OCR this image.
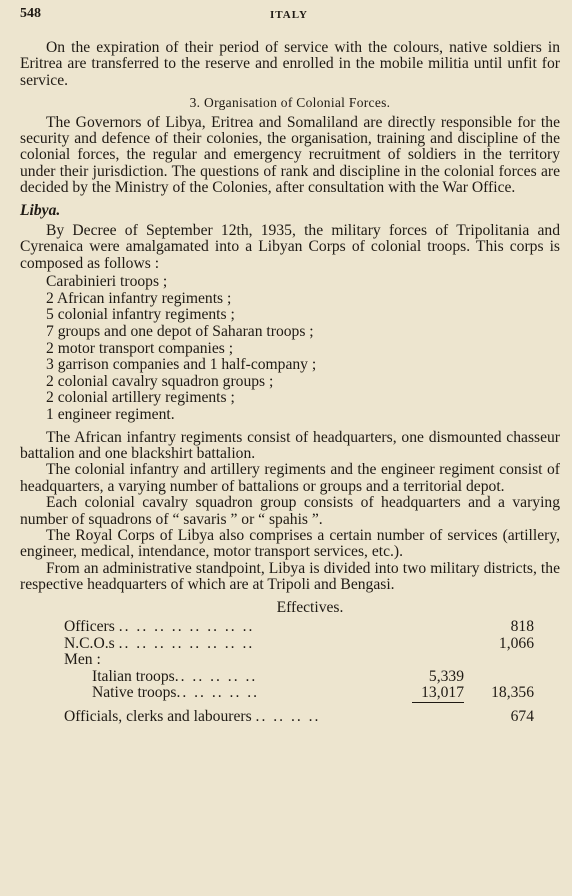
548	ITALY

On the expiration of their period of service with the colours, native soldiers in Eritrea are transferred to the reserve and enrolled in the mobile militia until unfit for service.

3. Organisation of Colonial Forces.

The Governors of Libya, Eritrea and Somaliland are directly responsible for the security and defence of their colonies, the organisation, training and discipline of the colonial forces, the regular and emergency recruitment of soldiers in the territory under their jurisdiction. The questions of rank and discipline in the colonial forces are decided by the Ministry of the Colonies, after consultation with the War Office.

Libya.

By Decree of September 12th, 1935, the military forces of Tripolitania and Cyrenaica were amalgamated into a Libyan Corps of colonial troops. This corps is composed as follows :

Carabinieri troops ;
2 African infantry regiments ;
5 colonial infantry regiments ;
7 groups and one depot of Saharan troops ;
2 motor transport companies ;
3 garrison companies and 1 half-company ;
2 colonial cavalry squadron groups ;
2 colonial artillery regiments ;
1 engineer regiment.

The African infantry regiments consist of headquarters, one dismounted chasseur battalion and one blackshirt battalion.

The colonial infantry and artillery regiments and the engineer regiment consist of headquarters, a varying number of battalions or groups and a territorial depot.

Each colonial cavalry squadron group consists of headquarters and a varying number of squadrons of “ savaris ” or “ spahis ”.

The Royal Corps of Libya also comprises a certain number of services (artillery, engineer, medical, intendance, motor transport services, etc.).

From an administrative standpoint, Libya is divided into two military districts, the respective headquarters of which are at Tripoli and Bengasi.

Effectives.
Officers .. .. .. .. .. .. .. ..		818
N.C.O.s .. .. .. .. .. .. .. ..		1,066
Men :		
Italian troops.. .. .. .. ..	5,339	
Native troops.. .. .. .. ..	13,017	18,356
Officials, clerks and labourers .. .. .. ..		674
